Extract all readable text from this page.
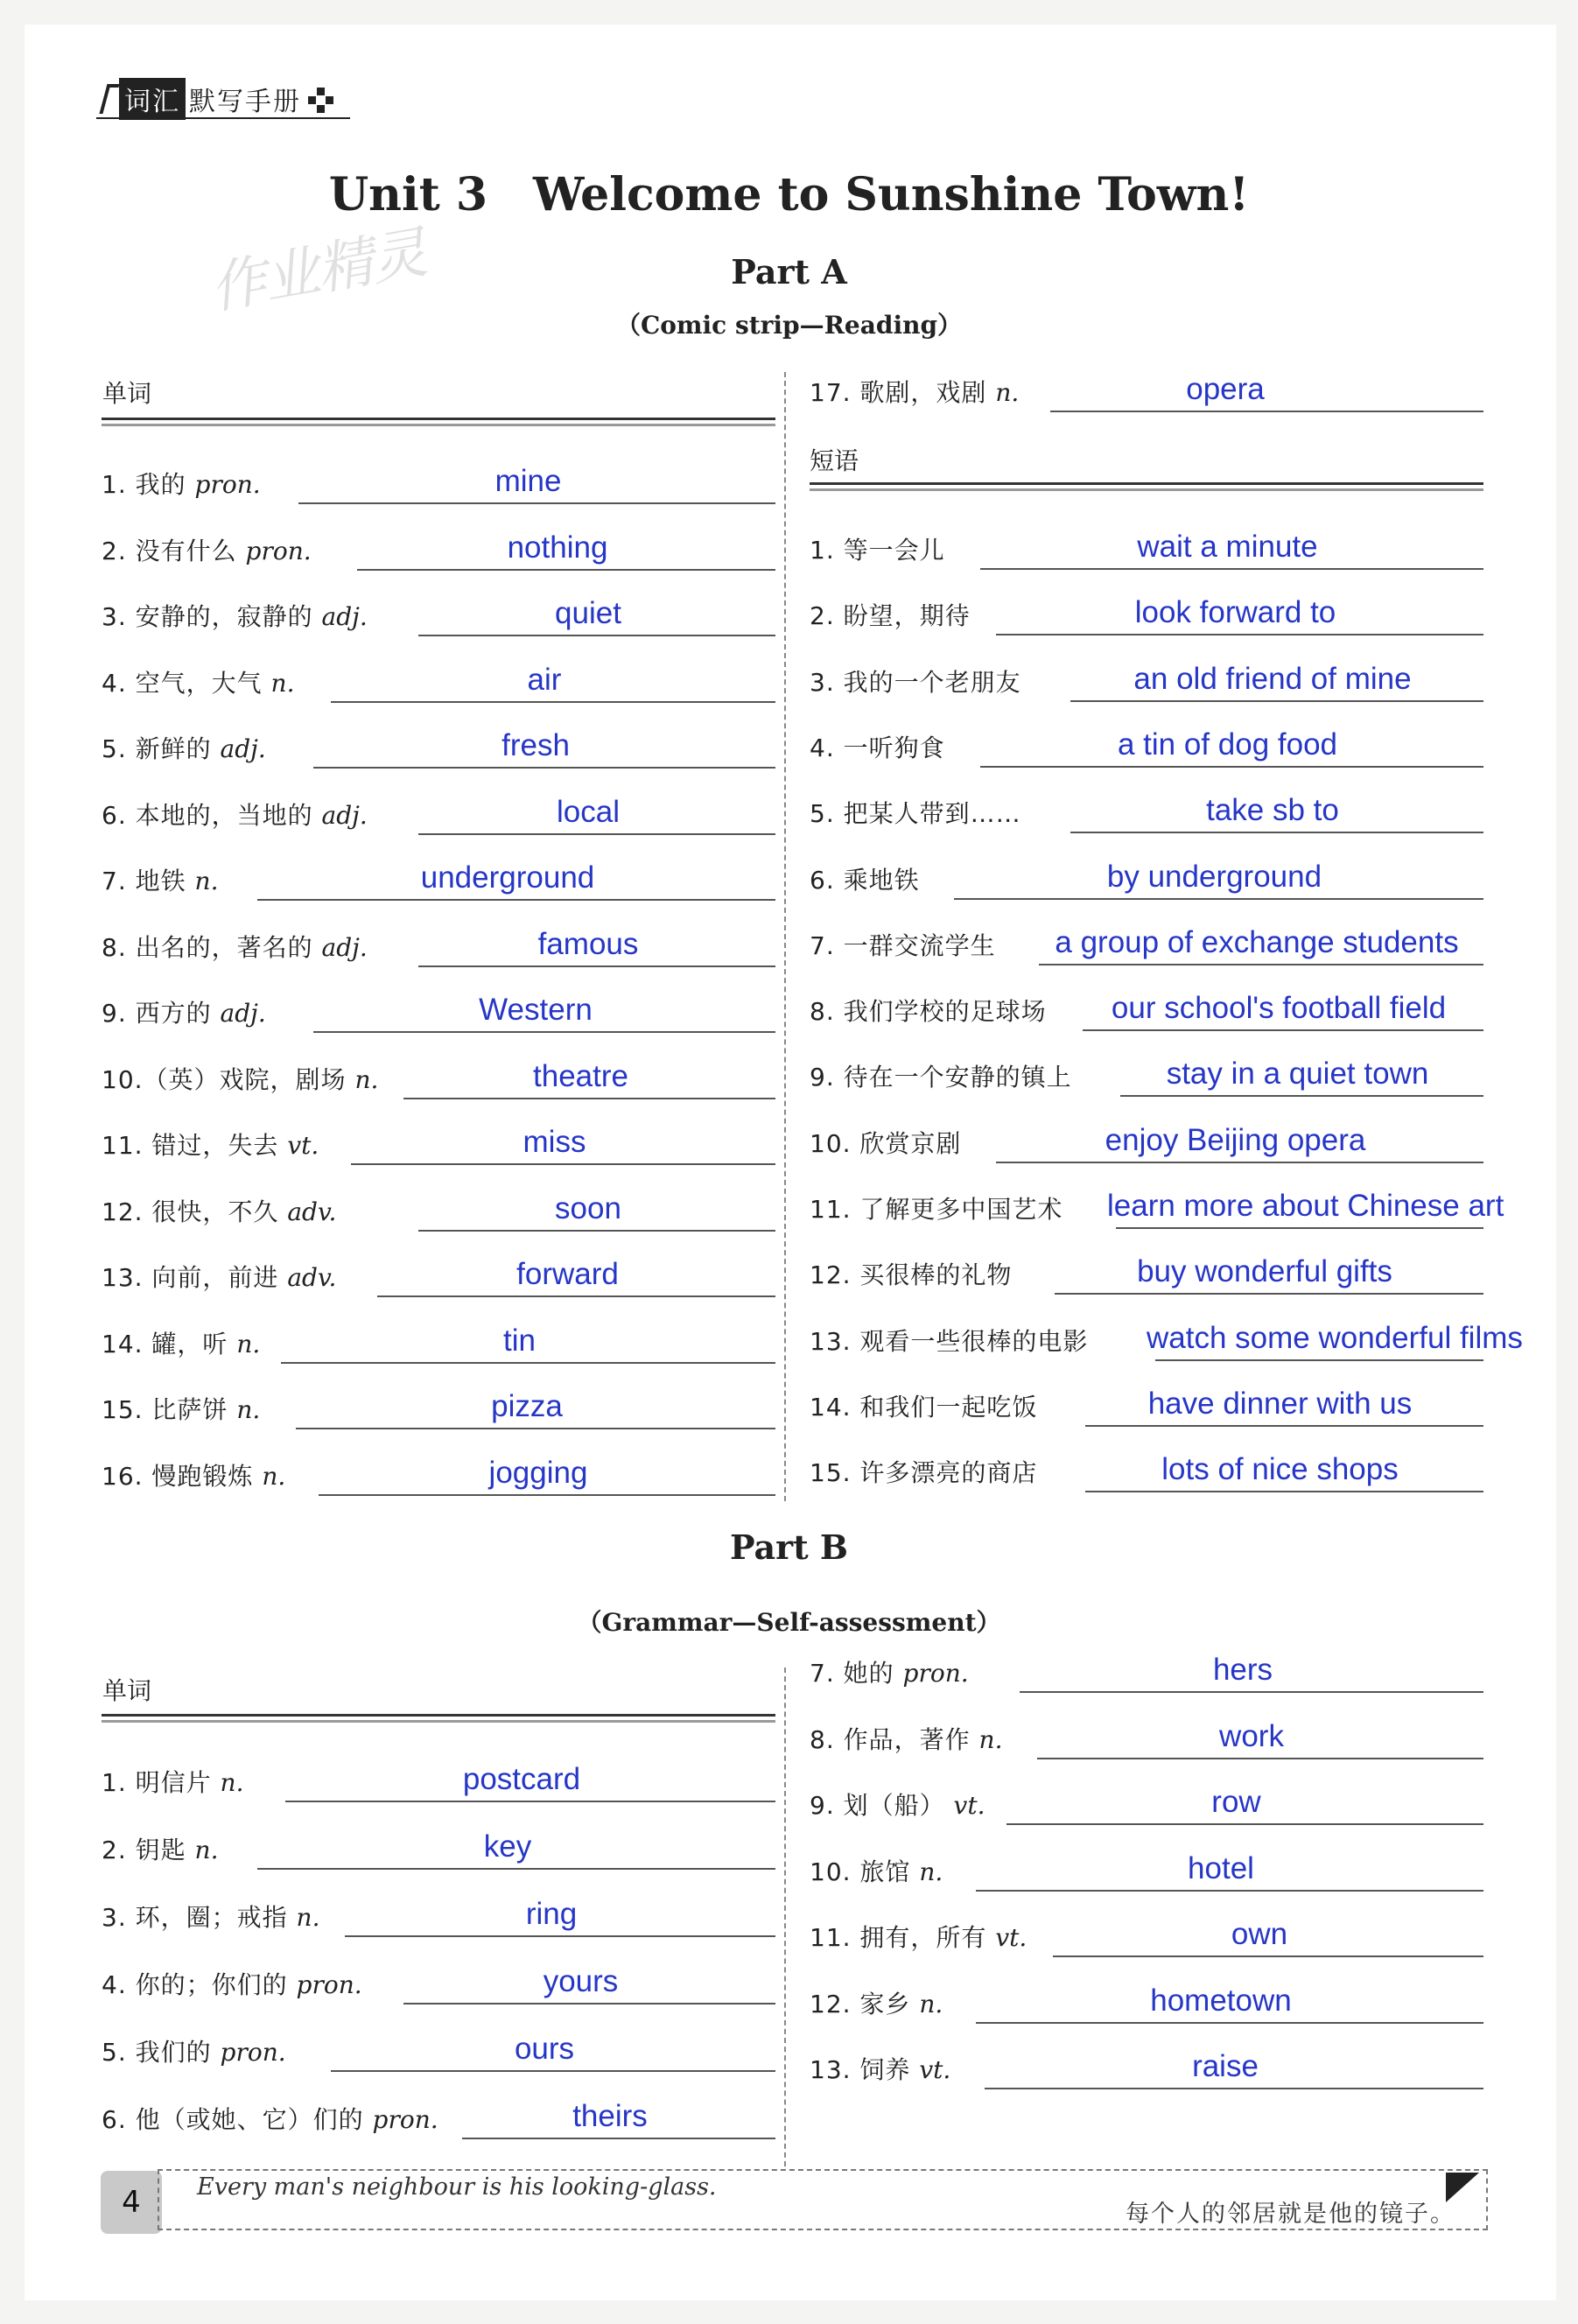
词汇 默写手册
Unit 3　Welcome to Sunshine Town!
作业精灵	Part A
（Comic strip—Reading）
单词
短语
1. 我的 pron.	mine
2. 没有什么 pron.	nothing
3. 安静的，寂静的 adj.	quiet
4. 空气，大气 n.	air
5. 新鲜的 adj.	fresh
6. 本地的，当地的 adj.	local
7. 地铁 n.	underground
8. 出名的，著名的 adj.	famous
9. 西方的 adj.	Western
10.（英）戏院，剧场 n.	theatre
11. 错过，失去 vt.	miss
12. 很快，不久 adv.	soon
13. 向前，前进 adv.	forward
14. 罐，听 n.	tin
15. 比萨饼 n.	pizza
16. 慢跑锻炼 n.	jogging
17. 歌剧，戏剧 n.	opera
1. 等一会儿	wait a minute
2. 盼望，期待	look forward to
3. 我的一个老朋友	an old friend of mine
4. 一听狗食	a tin of dog food
5. 把某人带到……	take sb to
6. 乘地铁	by underground
7. 一群交流学生	a group of exchange students
8. 我们学校的足球场	our school's football field
9. 待在一个安静的镇上	stay in a quiet town
10. 欣赏京剧	enjoy Beijing opera
11. 了解更多中国艺术 learn more about Chinese art
12. 买很棒的礼物	buy wonderful gifts
13. 观看一些很棒的电影 watch some wonderful films
14. 和我们一起吃饭	have dinner with us
15. 许多漂亮的商店	lots of nice shops
Part B
（Grammar—Self-assessment）
单词
1. 明信片 n.	postcard
2. 钥匙 n.	key
3. 环，圈；戒指 n.	ring
4. 你的；你们的 pron.	yours
5. 我们的 pron.	ours
6. 他（或她、它）们的 pron.	theirs
7. 她的 pron.	hers
8. 作品，著作 n.	work
9. 划（船） vt.	row
10. 旅馆 n.	hotel
11. 拥有，所有 vt.	own
12. 家乡 n.	hometown
13. 饲养 vt.	raise
4	Every man's neighbour is his looking-glass.
每个人的邻居就是他的镜子。
